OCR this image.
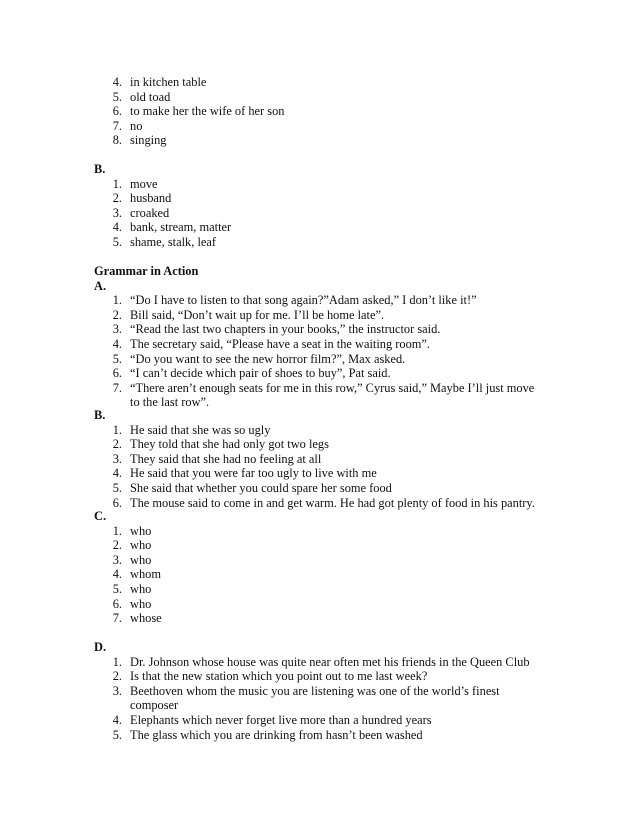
4. in kitchen table
5. old toad
6. to make her the wife of her son
7. no
8. singing
B.
1. move
2. husband
3. croaked
4. bank, stream, matter
5. shame, stalk, leaf
Grammar in Action
A.
1. “Do I have to listen to that song again?”Adam asked,” I don’t like it!”
2. Bill said, “Don’t wait up for me. I’ll be home late”.
3. “Read the last two chapters in your books,” the instructor said.
4. The secretary said, “Please have a seat in the waiting room”.
5. “Do you want to see the new horror film?”, Max asked.
6. “I can’t decide which pair of shoes to buy”, Pat said.
7. “There aren’t enough seats for me in this row,” Cyrus said,” Maybe I’ll just move
to the last row”.
B.
1. He said that she was so ugly
2. They told that she had only got two legs
3. They said that she had no feeling at all
4. He said that you were far too ugly to live with me
5. She said that whether you could spare her some food
6. The mouse said to come in and get warm. He had got plenty of food in his pantry.
C.
1. who
2. who
3. who
4. whom
5. who
6. who
7. whose
D.
1. Dr. Johnson whose house was quite near often met his friends in the Queen Club
2. Is that the new station which you point out to me last week?
3. Beethoven whom the music you are listening was one of the world’s finest
composer
4. Elephants which never forget live more than a hundred years
5. The glass which you are drinking from hasn’t been washed
